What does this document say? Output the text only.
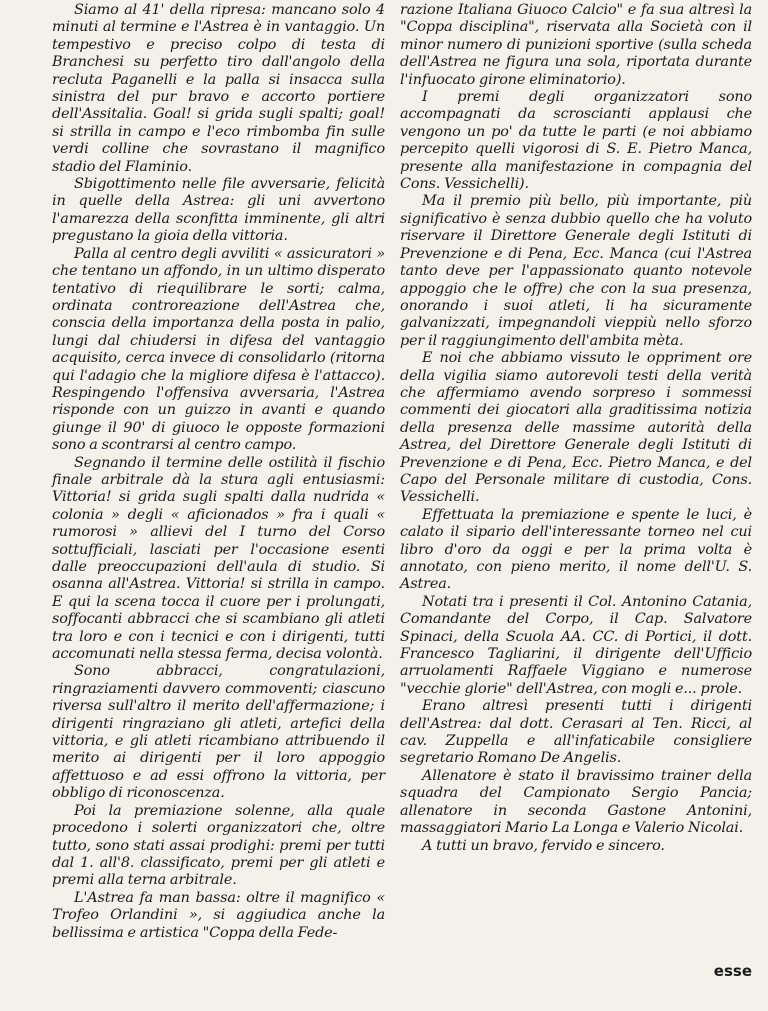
Siamo al 41' della ripresa: mancano solo 4 minuti al termine e l'Astrea è in vantaggio. Un tempestivo e preciso colpo di testa di Branchesi su perfetto tiro dall'angolo della recluta Paganelli e la palla si insacca sulla sinistra del pur bravo e accorto portiere dell'Assitalia. Goal! si grida sugli spalti; goal! si strilla in campo e l'eco rimbomba fin sulle verdi colline che sovrastano il magnifico stadio del Flaminio.

Sbigottimento nelle file avversarie, felicità in quelle della Astrea: gli uni avvertono l'amarezza della sconfitta imminente, gli altri pregustano la gioia della vittoria.

Palla al centro degli avviliti « assicuratori » che tentano un affondo, in un ultimo disperato tentativo di riequilibrare le sorti; calma, ordinata controreazione dell'Astrea che, conscia della importanza della posta in palio, lungi dal chiudersi in difesa del vantaggio acquisito, cerca invece di consolidarlo (ritorna qui l'adagio che la migliore difesa è l'attacco). Respingendo l'offensiva avversaria, l'Astrea risponde con un guizzo in avanti e quando giunge il 90' di giuoco le opposte formazioni sono a scontrarsi al centro campo.

Segnando il termine delle ostilità il fischio finale arbitrale dà la stura agli entusiasmi: Vittoria! si grida sugli spalti dalla nudrida « colonia » degli « aficionados » fra i quali « rumorosi » allievi del I turno del Corso sottufficiali, lasciati per l'occasione esenti dalle preoccupazioni dell'aula di studio. Si osanna all'Astrea. Vittoria! si strilla in campo. E qui la scena tocca il cuore per i prolungati, soffocanti abbracci che si scambiano gli atleti tra loro e con i tecnici e con i dirigenti, tutti accomunati nella stessa ferma, decisa volontà.

Sono abbracci, congratulazioni, ringraziamenti davvero commoventi; ciascuno riversa sull'altro il merito dell'affermazione; i dirigenti ringraziano gli atleti, artefici della vittoria, e gli atleti ricambiano attribuendo il merito ai dirigenti per il loro appoggio affettuoso e ad essi offrono la vittoria, per obbligo di riconoscenza.

Poi la premiazione solenne, alla quale procedono i solerti organizzatori che, oltre tutto, sono stati assai prodighi: premi per tutti dal 1. all'8. classificato, premi per gli atleti e premi alla terna arbitrale.

L'Astrea fa man bassa: oltre il magnifico « Trofeo Orlandini », si aggiudica anche la bellissima e artistica "Coppa della Fede-

razione Italiana Giuoco Calcio" e fa sua altresì la "Coppa disciplina", riservata alla Società con il minor numero di punizioni sportive (sulla scheda dell'Astrea ne figura una sola, riportata durante l'infuocato girone eliminatorio).

I premi degli organizzatori sono accompagnati da scroscianti applausi che vengono un po' da tutte le parti (e noi abbiamo percepito quelli vigorosi di S. E. Pietro Manca, presente alla manifestazione in compagnia del Cons. Vessichelli).

Ma il premio più bello, più importante, più significativo è senza dubbio quello che ha voluto riservare il Direttore Generale degli Istituti di Prevenzione e di Pena, Ecc. Manca (cui l'Astrea tanto deve per l'appassionato quanto notevole appoggio che le offre) che con la sua presenza, onorando i suoi atleti, li ha sicuramente galvanizzati, impegnandoli vieppiù nello sforzo per il raggiungimento dell'ambita mèta.

E noi che abbiamo vissuto le oppriment ore della vigilia siamo autorevoli testi della verità che affermiamo avendo sorpreso i sommessi commenti dei giocatori alla graditissima notizia della presenza delle massime autorità della Astrea, del Direttore Generale degli Istituti di Prevenzione e di Pena, Ecc. Pietro Manca, e del Capo del Personale militare di custodia, Cons. Vessichelli.

Effettuata la premiazione e spente le luci, è calato il sipario dell'interessante torneo nel cui libro d'oro da oggi e per la prima volta è annotato, con pieno merito, il nome dell'U. S. Astrea.

Notati tra i presenti il Col. Antonino Catania, Comandante del Corpo, il Cap. Salvatore Spinaci, della Scuola AA. CC. di Portici, il dott. Francesco Tagliarini, il dirigente dell'Ufficio arruolamenti Raffaele Viggiano e numerose "vecchie glorie" dell'Astrea, con mogli e... prole.

Erano altresì presenti tutti i dirigenti dell'Astrea: dal dott. Cerasari al Ten. Ricci, al cav. Zuppella e all'infaticabile consigliere segretario Romano De Angelis.

Allenatore è stato il bravissimo trainer della squadra del Campionato Sergio Pancia; allenatore in seconda Gastone Antonini, massaggiatori Mario La Longa e Valerio Nicolai.

A tutti un bravo, fervido e sincero.

esse
